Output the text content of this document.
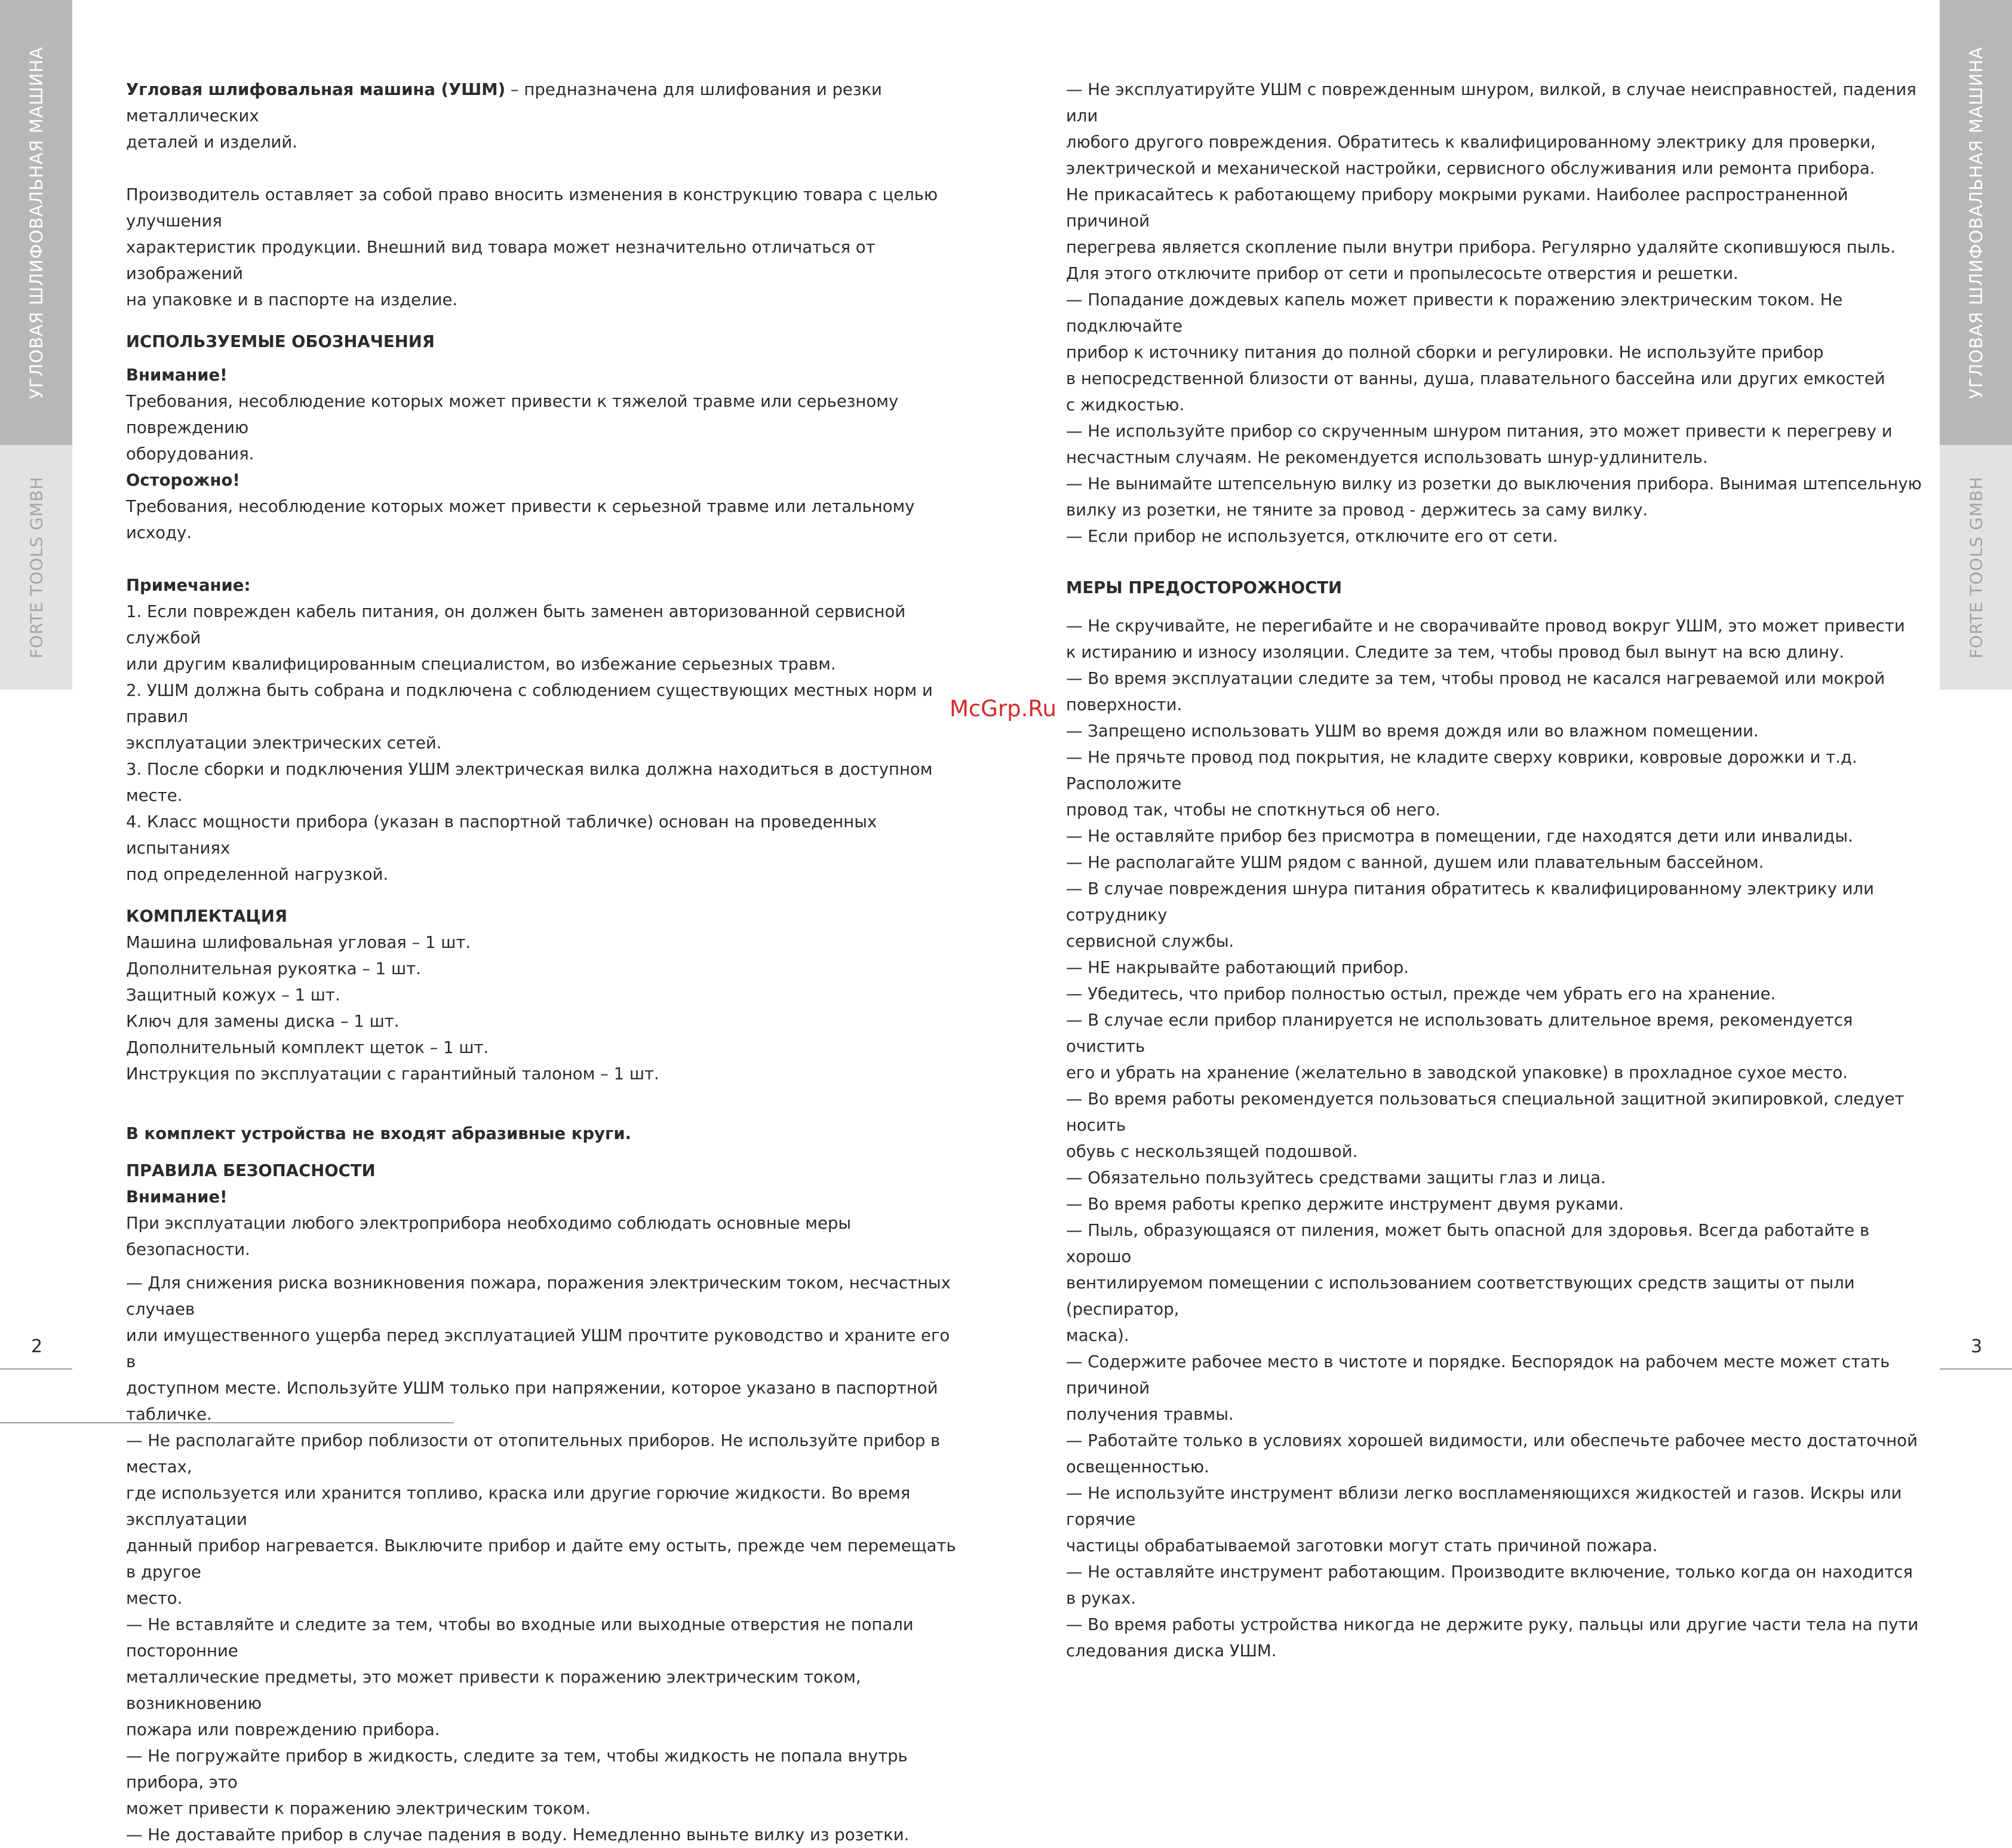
УГЛОВАЯ ШЛИФОВАЛЬНАЯ МАШИНА
FORTE TOOLS GMBH
2
УГЛОВАЯ ШЛИФОВАЛЬНАЯ МАШИНА
FORTE TOOLS GMBH
3
McGrp.Ru

Угловая шлифовальная машина (УШМ) – предназначена для шлифования и резки металлических

деталей и изделий.

Производитель оставляет за собой право вносить изменения в конструкцию товара с целью улучшения

характеристик продукции. Внешний вид товара может незначительно отличаться от изображений

на упаковке и в паспорте на изделие.

ИСПОЛЬЗУЕМЫЕ ОБОЗНАЧЕНИЯ

Внимание!

Требования, несоблюдение которых может привести к тяжелой травме или серьезному повреждению

оборудования.

Осторожно!

Требования, несоблюдение которых может привести к серьезной травме или летальному исходу.

Примечание:

1. Если поврежден кабель питания, он должен быть заменен авторизованной сервисной службой

или другим квалифицированным специалистом, во избежание серьезных травм.

2. УШМ должна быть собрана и подключена с соблюдением существующих местных норм и правил

эксплуатации электрических сетей.

3. После сборки и подключения УШМ электрическая вилка должна находиться в доступном месте.

4. Класс мощности прибора (указан в паспортной табличке) основан на проведенных испытаниях

под определенной нагрузкой.

КОМПЛЕКТАЦИЯ

Машина шлифовальная угловая – 1 шт.

Дополнительная рукоятка – 1 шт.

Защитный кожух – 1 шт.

Ключ для замены диска – 1 шт.

Дополнительный комплект щеток – 1 шт.

Инструкция по эксплуатации с гарантийный талоном – 1 шт.

В комплект устройства не входят абразивные круги.

ПРАВИЛА БЕЗОПАСНОСТИ

Внимание!

При эксплуатации любого электроприбора необходимо соблюдать основные меры безопасности.

— Для снижения риска возникновения пожара, поражения электрическим током, несчастных случаев

или имущественного ущерба перед эксплуатацией УШМ прочтите руководство и храните его в

доступном месте. Используйте УШМ только при напряжении, которое указано в паспортной табличке.

— Не располагайте прибор поблизости от отопительных приборов. Не используйте прибор в местах,

где используется или хранится топливо, краска или другие горючие жидкости. Во время эксплуатации

данный прибор нагревается. Выключите прибор и дайте ему остыть, прежде чем перемещать в другое

место.

— Не вставляйте и следите за тем, чтобы во входные или выходные отверстия не попали посторонние

металлические предметы, это может привести к поражению электрическим током, возникновению

пожара или повреждению прибора.

— Не погружайте прибор в жидкость, следите за тем, чтобы жидкость не попала внутрь прибора, это

может привести к поражению электрическим током.

— Не доставайте прибор в случае падения в воду. Немедленно выньте вилку из розетки.

— Не эксплуатируйте УШМ с поврежденным шнуром, вилкой, в случае неисправностей, падения или

любого другого повреждения. Обратитесь к квалифицированному электрику для проверки,

электрической и механической настройки, сервисного обслуживания или ремонта прибора.

Не прикасайтесь к работающему прибору мокрыми руками. Наиболее распространенной причиной

перегрева является скопление пыли внутри прибора. Регулярно удаляйте скопившуюся пыль.

Для этого отключите прибор от сети и пропылесосьте отверстия и решетки.

— Попадание дождевых капель может привести к поражению электрическим током. Не подключайте

прибор к источнику питания до полной сборки и регулировки. Не используйте прибор

в непосредственной близости от ванны, душа, плавательного бассейна или других емкостей

с жидкостью.

— Не используйте прибор со скрученным шнуром питания, это может привести к перегреву и

несчастным случаям. Не рекомендуется использовать шнур-удлинитель.

— Не вынимайте штепсельную вилку из розетки до выключения прибора. Вынимая штепсельную

вилку из розетки, не тяните за провод - держитесь за саму вилку.

— Если прибор не используется, отключите его от сети.

МЕРЫ ПРЕДОСТОРОЖНОСТИ

— Не скручивайте, не перегибайте и не сворачивайте провод вокруг УШМ, это может привести

к истиранию и износу изоляции. Следите за тем, чтобы провод был вынут на всю длину.

— Во время эксплуатации следите за тем, чтобы провод не касался нагреваемой или мокрой

поверхности.

— Запрещено использовать УШМ во время дождя или во влажном помещении.

— Не прячьте провод под покрытия, не кладите сверху коврики, ковровые дорожки и т.д. Расположите

провод так, чтобы не споткнуться об него.

— Не оставляйте прибор без присмотра в помещении, где находятся дети или инвалиды.

— Не располагайте УШМ рядом с ванной, душем или плавательным бассейном.

— В случае повреждения шнура питания обратитесь к квалифицированному электрику или сотруднику

сервисной службы.

— НЕ накрывайте работающий прибор.

— Убедитесь, что прибор полностью остыл, прежде чем убрать его на хранение.

— В случае если прибор планируется не использовать длительное время, рекомендуется очистить

его и убрать на хранение (желательно в заводской упаковке) в прохладное сухое место.

— Во время работы рекомендуется пользоваться специальной защитной экипировкой, следует носить

обувь с нескользящей подошвой.

— Обязательно пользуйтесь средствами защиты глаз и лица.

— Во время работы крепко держите инструмент двумя руками.

— Пыль, образующаяся от пиления, может быть опасной для здоровья. Всегда работайте в хорошо

вентилируемом помещении с использованием соответствующих средств защиты от пыли (респиратор,

маска).

— Содержите рабочее место в чистоте и порядке. Беспорядок на рабочем месте может стать причиной

получения травмы.

— Работайте только в условиях хорошей видимости, или обеспечьте рабочее место достаточной

освещенностью.

— Не используйте инструмент вблизи легко воспламеняющихся жидкостей и газов. Искры или горячие

частицы обрабатываемой заготовки могут стать причиной пожара.

— Не оставляйте инструмент работающим. Производите включение, только когда он находится в руках.

— Во время работы устройства никогда не держите руку, пальцы или другие части тела на пути

следования диска УШМ.
